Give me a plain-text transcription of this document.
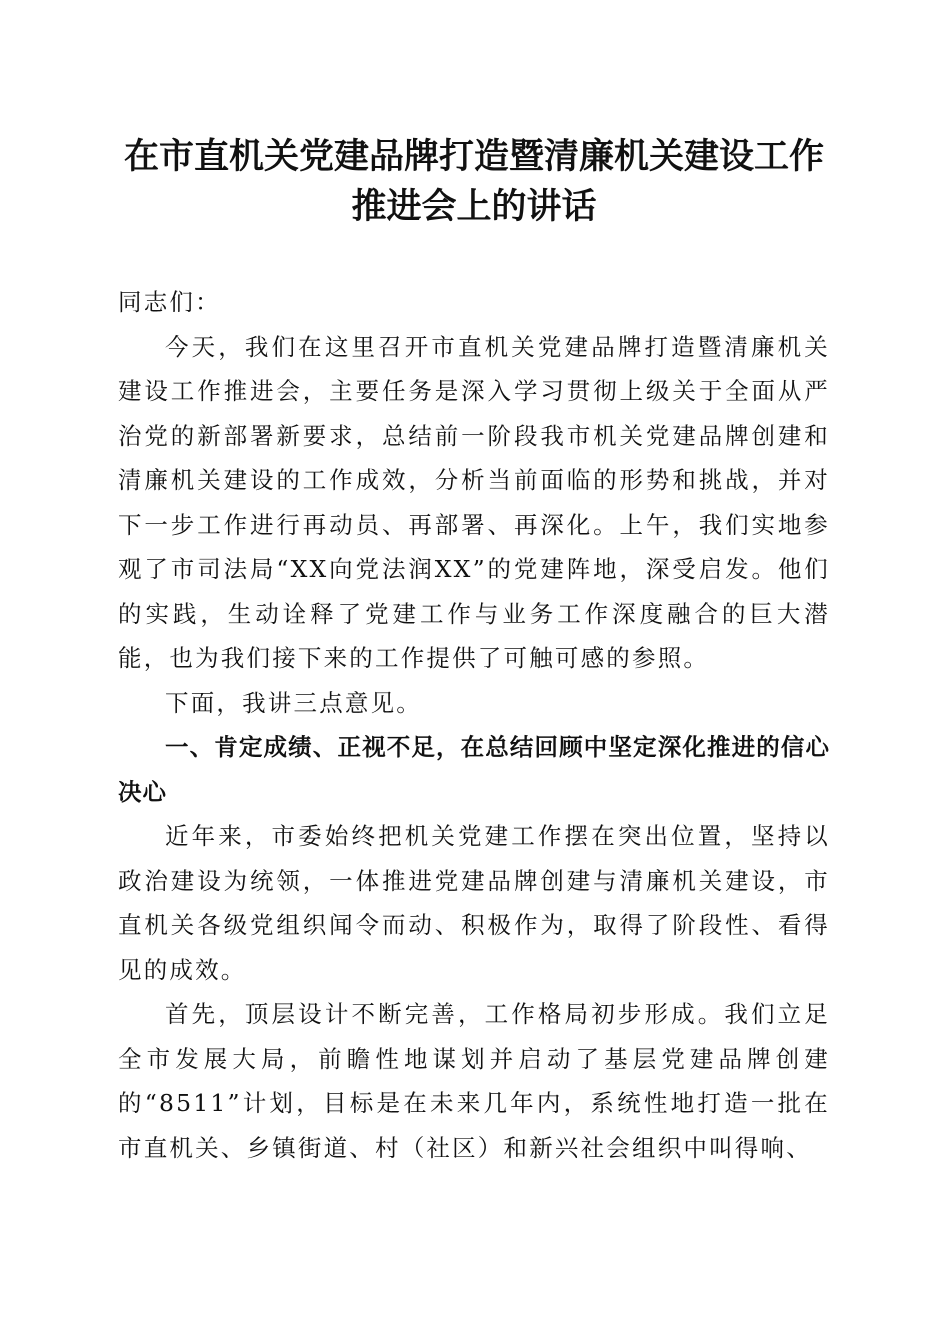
在市直机关党建品牌打造暨清廉机关建设工作
推进会上的讲话

同志们：

今天，我们在这里召开市直机关党建品牌打造暨清廉机关建设工作推进会，主要任务是深入学习贯彻上级关于全面从严治党的新部署新要求，总结前一阶段我市机关党建品牌创建和清廉机关建设的工作成效，分析当前面临的形势和挑战，并对下一步工作进行再动员、再部署、再深化。上午，我们实地参观了市司法局“XX向党法润XX”的党建阵地，深受启发。他们的实践，生动诠释了党建工作与业务工作深度融合的巨大潜能，也为我们接下来的工作提供了可触可感的参照。

下面，我讲三点意见。

一、肯定成绩、正视不足，在总结回顾中坚定深化推进的信心决心

近年来，市委始终把机关党建工作摆在突出位置，坚持以政治建设为统领，一体推进党建品牌创建与清廉机关建设，市直机关各级党组织闻令而动、积极作为，取得了阶段性、看得见的成效。

首先，顶层设计不断完善，工作格局初步形成。我们立足全市发展大局，前瞻性地谋划并启动了基层党建品牌创建的“8511”计划，目标是在未来几年内，系统性地打造一批在市直机关、乡镇街道、村（社区）和新兴社会组织中叫得响、
